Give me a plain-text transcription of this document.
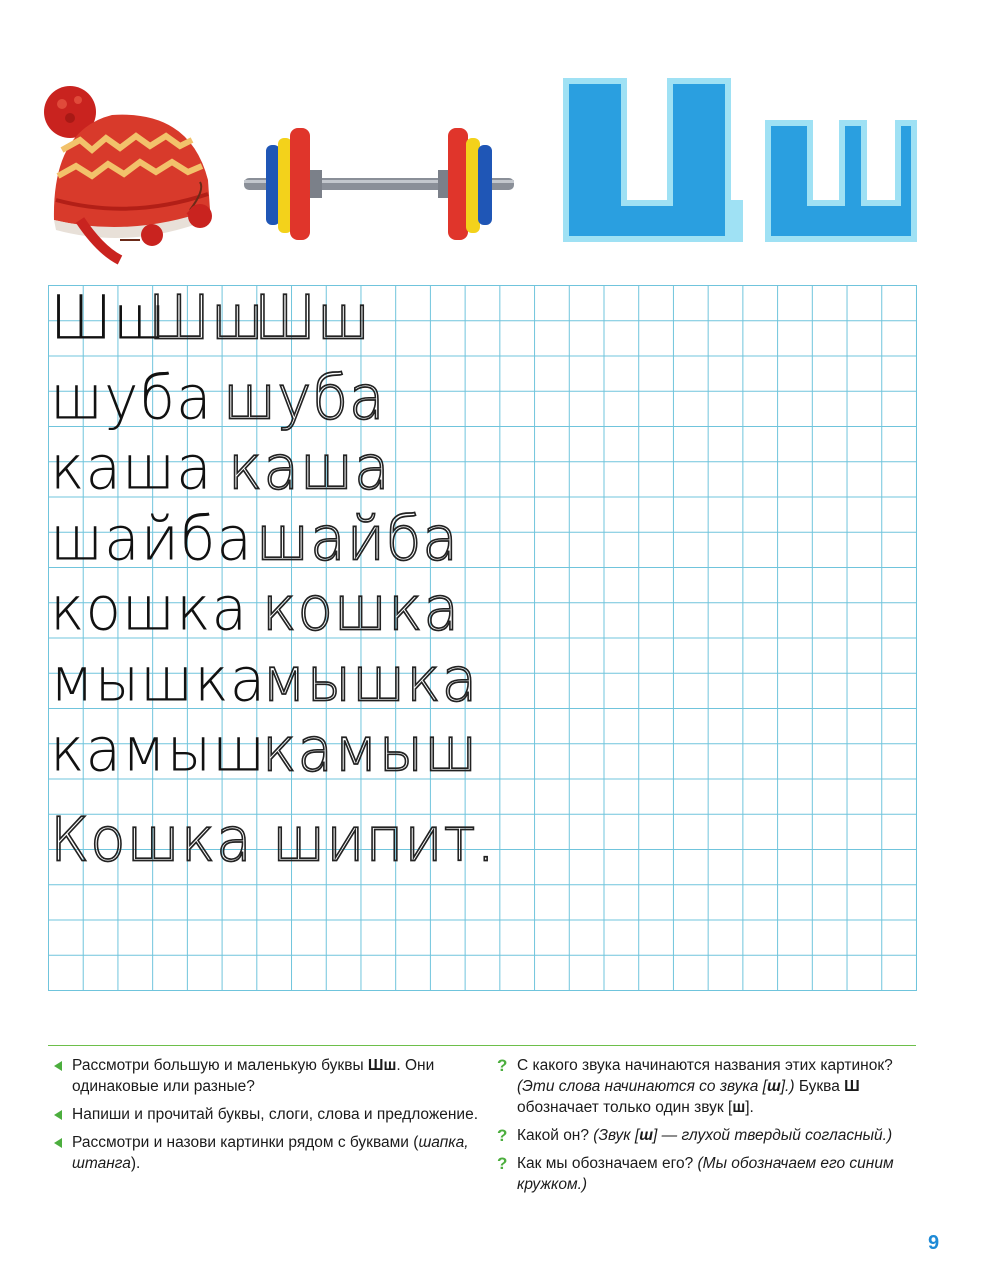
Шш
Шш
Шш
шуба шуба
каша каша
шайба шайба
кошка кошка
мышка
мышка
камыш
камыш
Кошка шипит.
Рассмотри большую и маленькую буквы Шш. Они одинаковые или разные?
Напиши и прочитай буквы, слоги, слова и предложение.
Рассмотри и назови картинки рядом с буквами (шапка, штанга).
? С какого звука начинаются названия этих картинок? (Эти слова начинаются со звука [ш].) Буква Ш обозначает только один звук [ш].
? Какой он? (Звук [ш] — глухой твердый согласный.)
? Как мы обозначаем его? (Мы обозначаем его синим кружком.)
9
